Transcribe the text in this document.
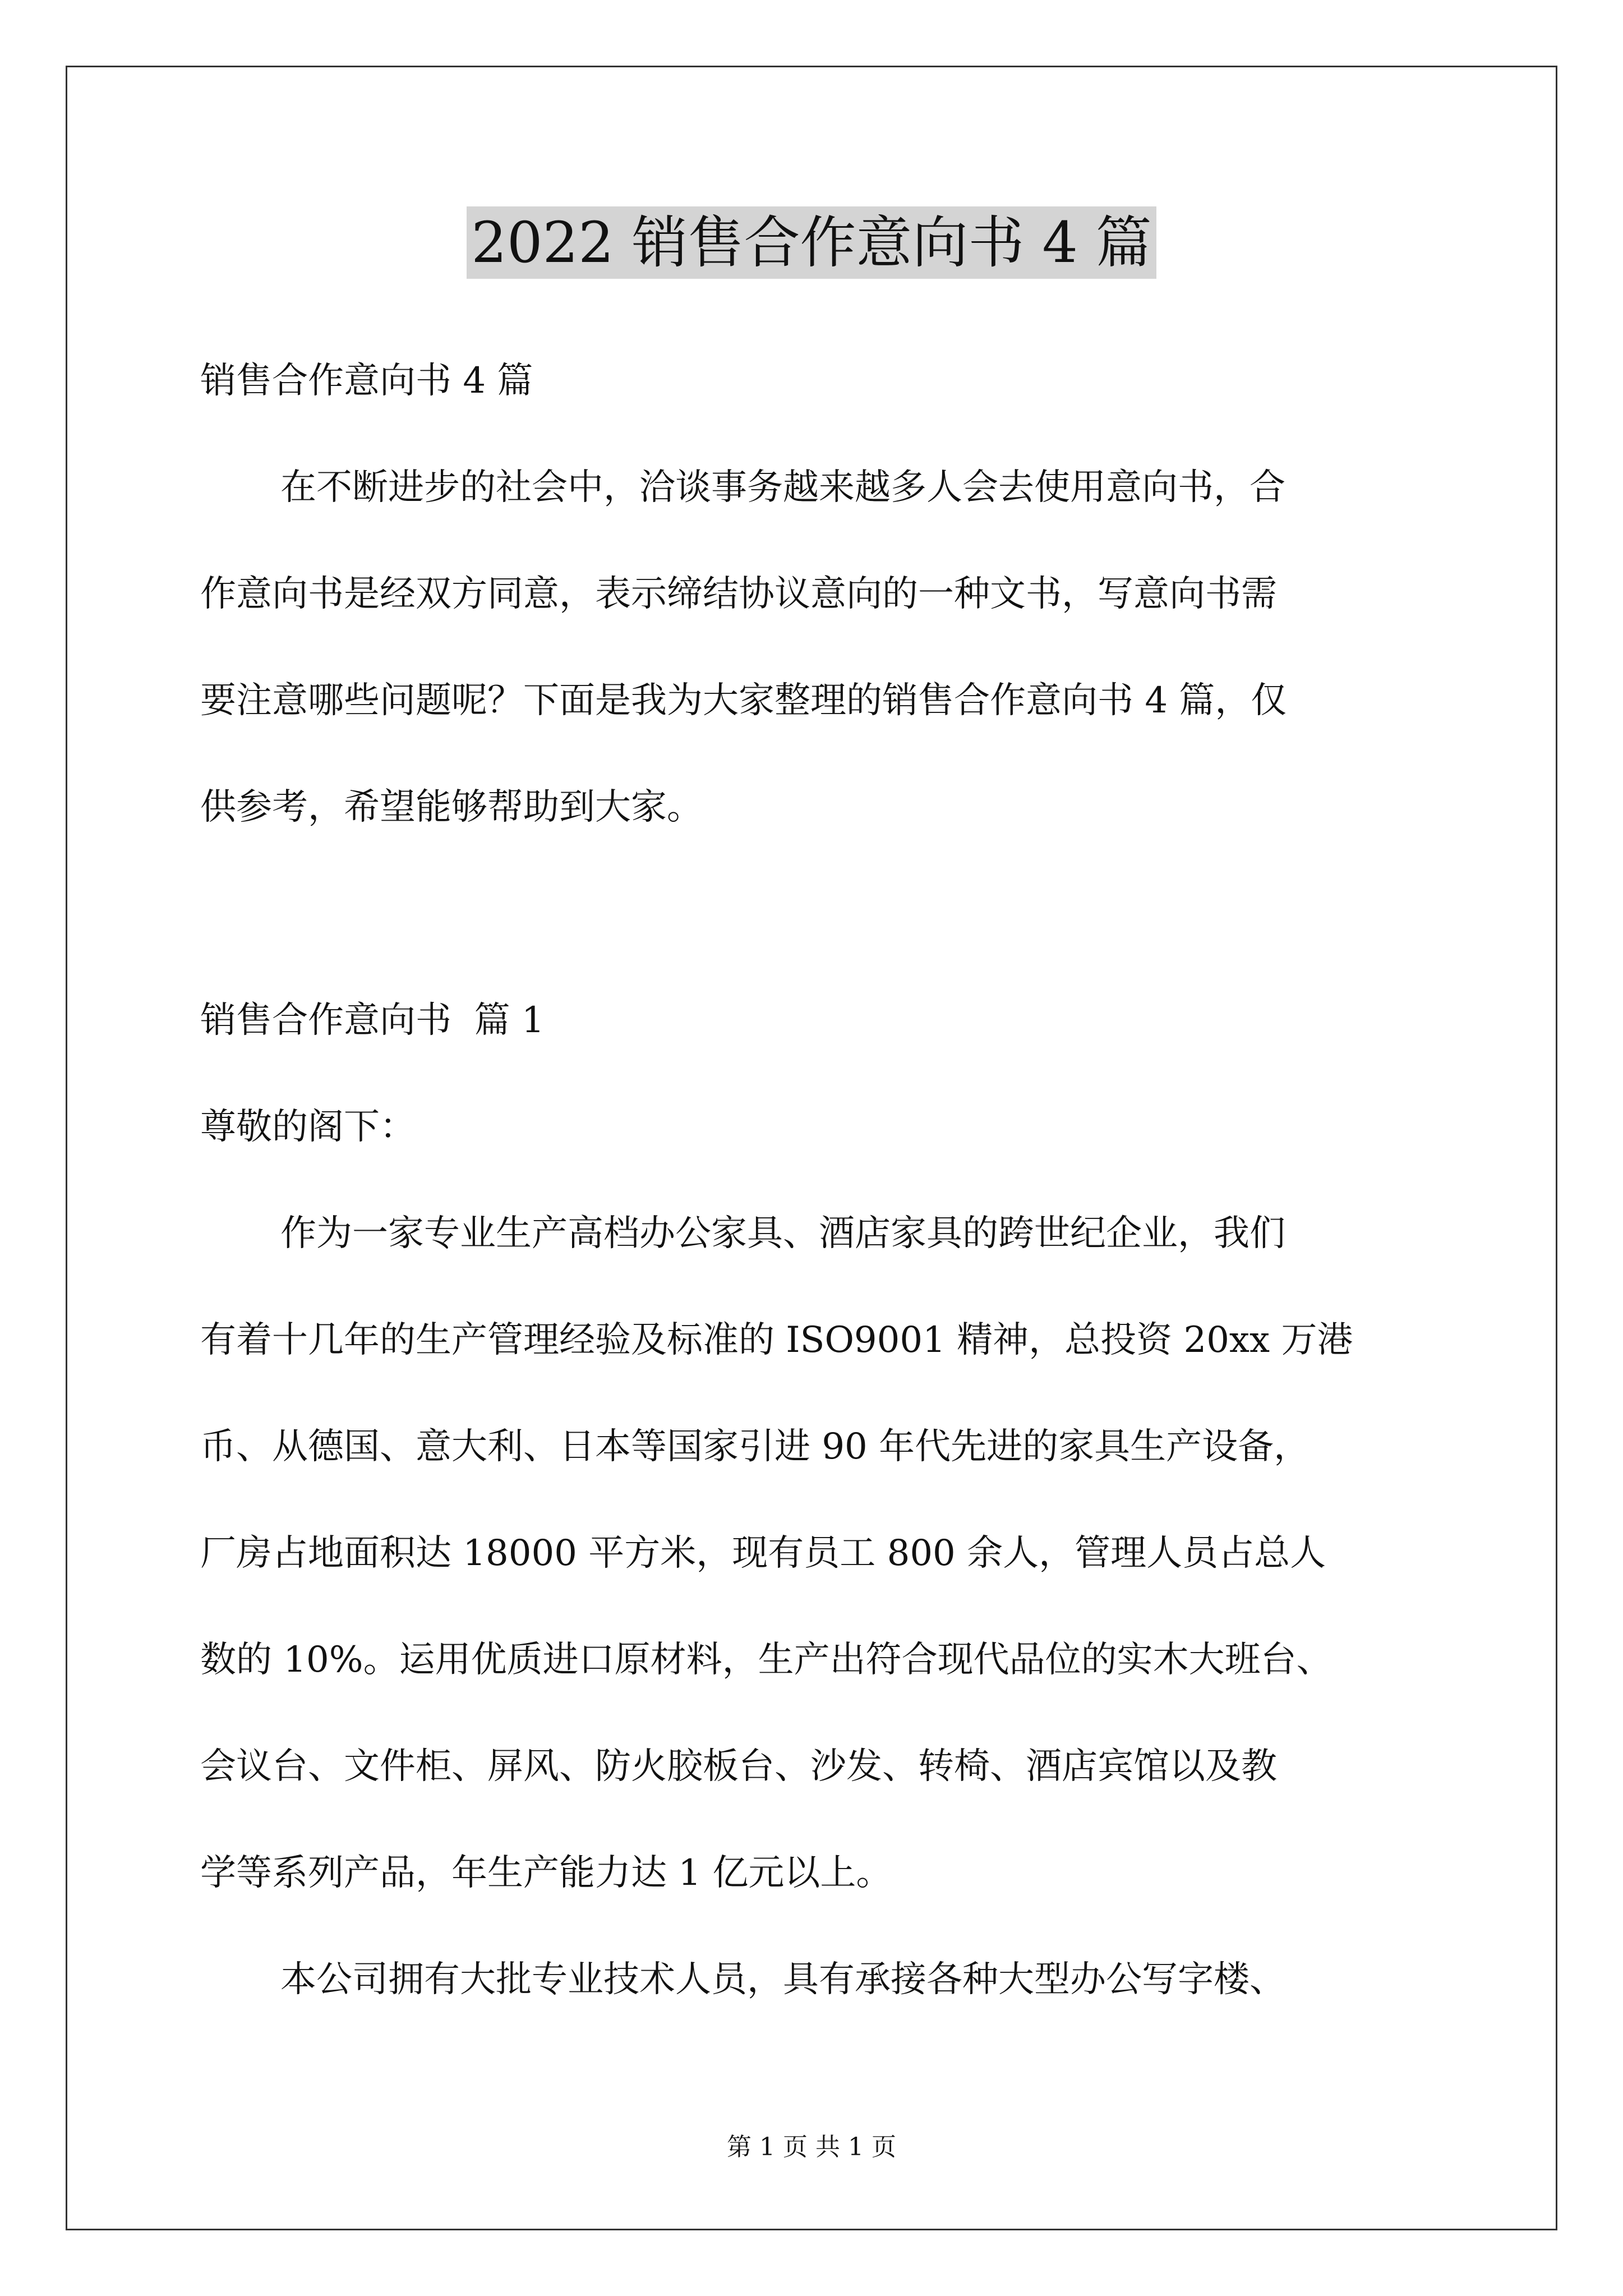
2022 销售合作意向书 4 篇

销售合作意向书 4 篇

在不断进步的社会中，洽谈事务越来越多人会去使用意向书，合

作意向书是经双方同意，表示缔结协议意向的一种文书，写意向书需

要注意哪些问题呢？下面是我为大家整理的销售合作意向书 4 篇，仅

供参考，希望能够帮助到大家。

销售合作意向书  篇 1

尊敬的阁下：

作为一家专业生产高档办公家具、酒店家具的跨世纪企业，我们

有着十几年的生产管理经验及标准的 ISO9001 精神，总投资 20xx 万港

币、从德国、意大利、日本等国家引进 90 年代先进的家具生产设备，

厂房占地面积达 18000 平方米，现有员工 800 余人，管理人员占总人

数的 10%。运用优质进口原材料，生产出符合现代品位的实木大班台、

会议台、文件柜、屏风、防火胶板台、沙发、转椅、酒店宾馆以及教

学等系列产品，年生产能力达 1 亿元以上。

本公司拥有大批专业技术人员，具有承接各种大型办公写字楼、

第 1 页 共 1 页
